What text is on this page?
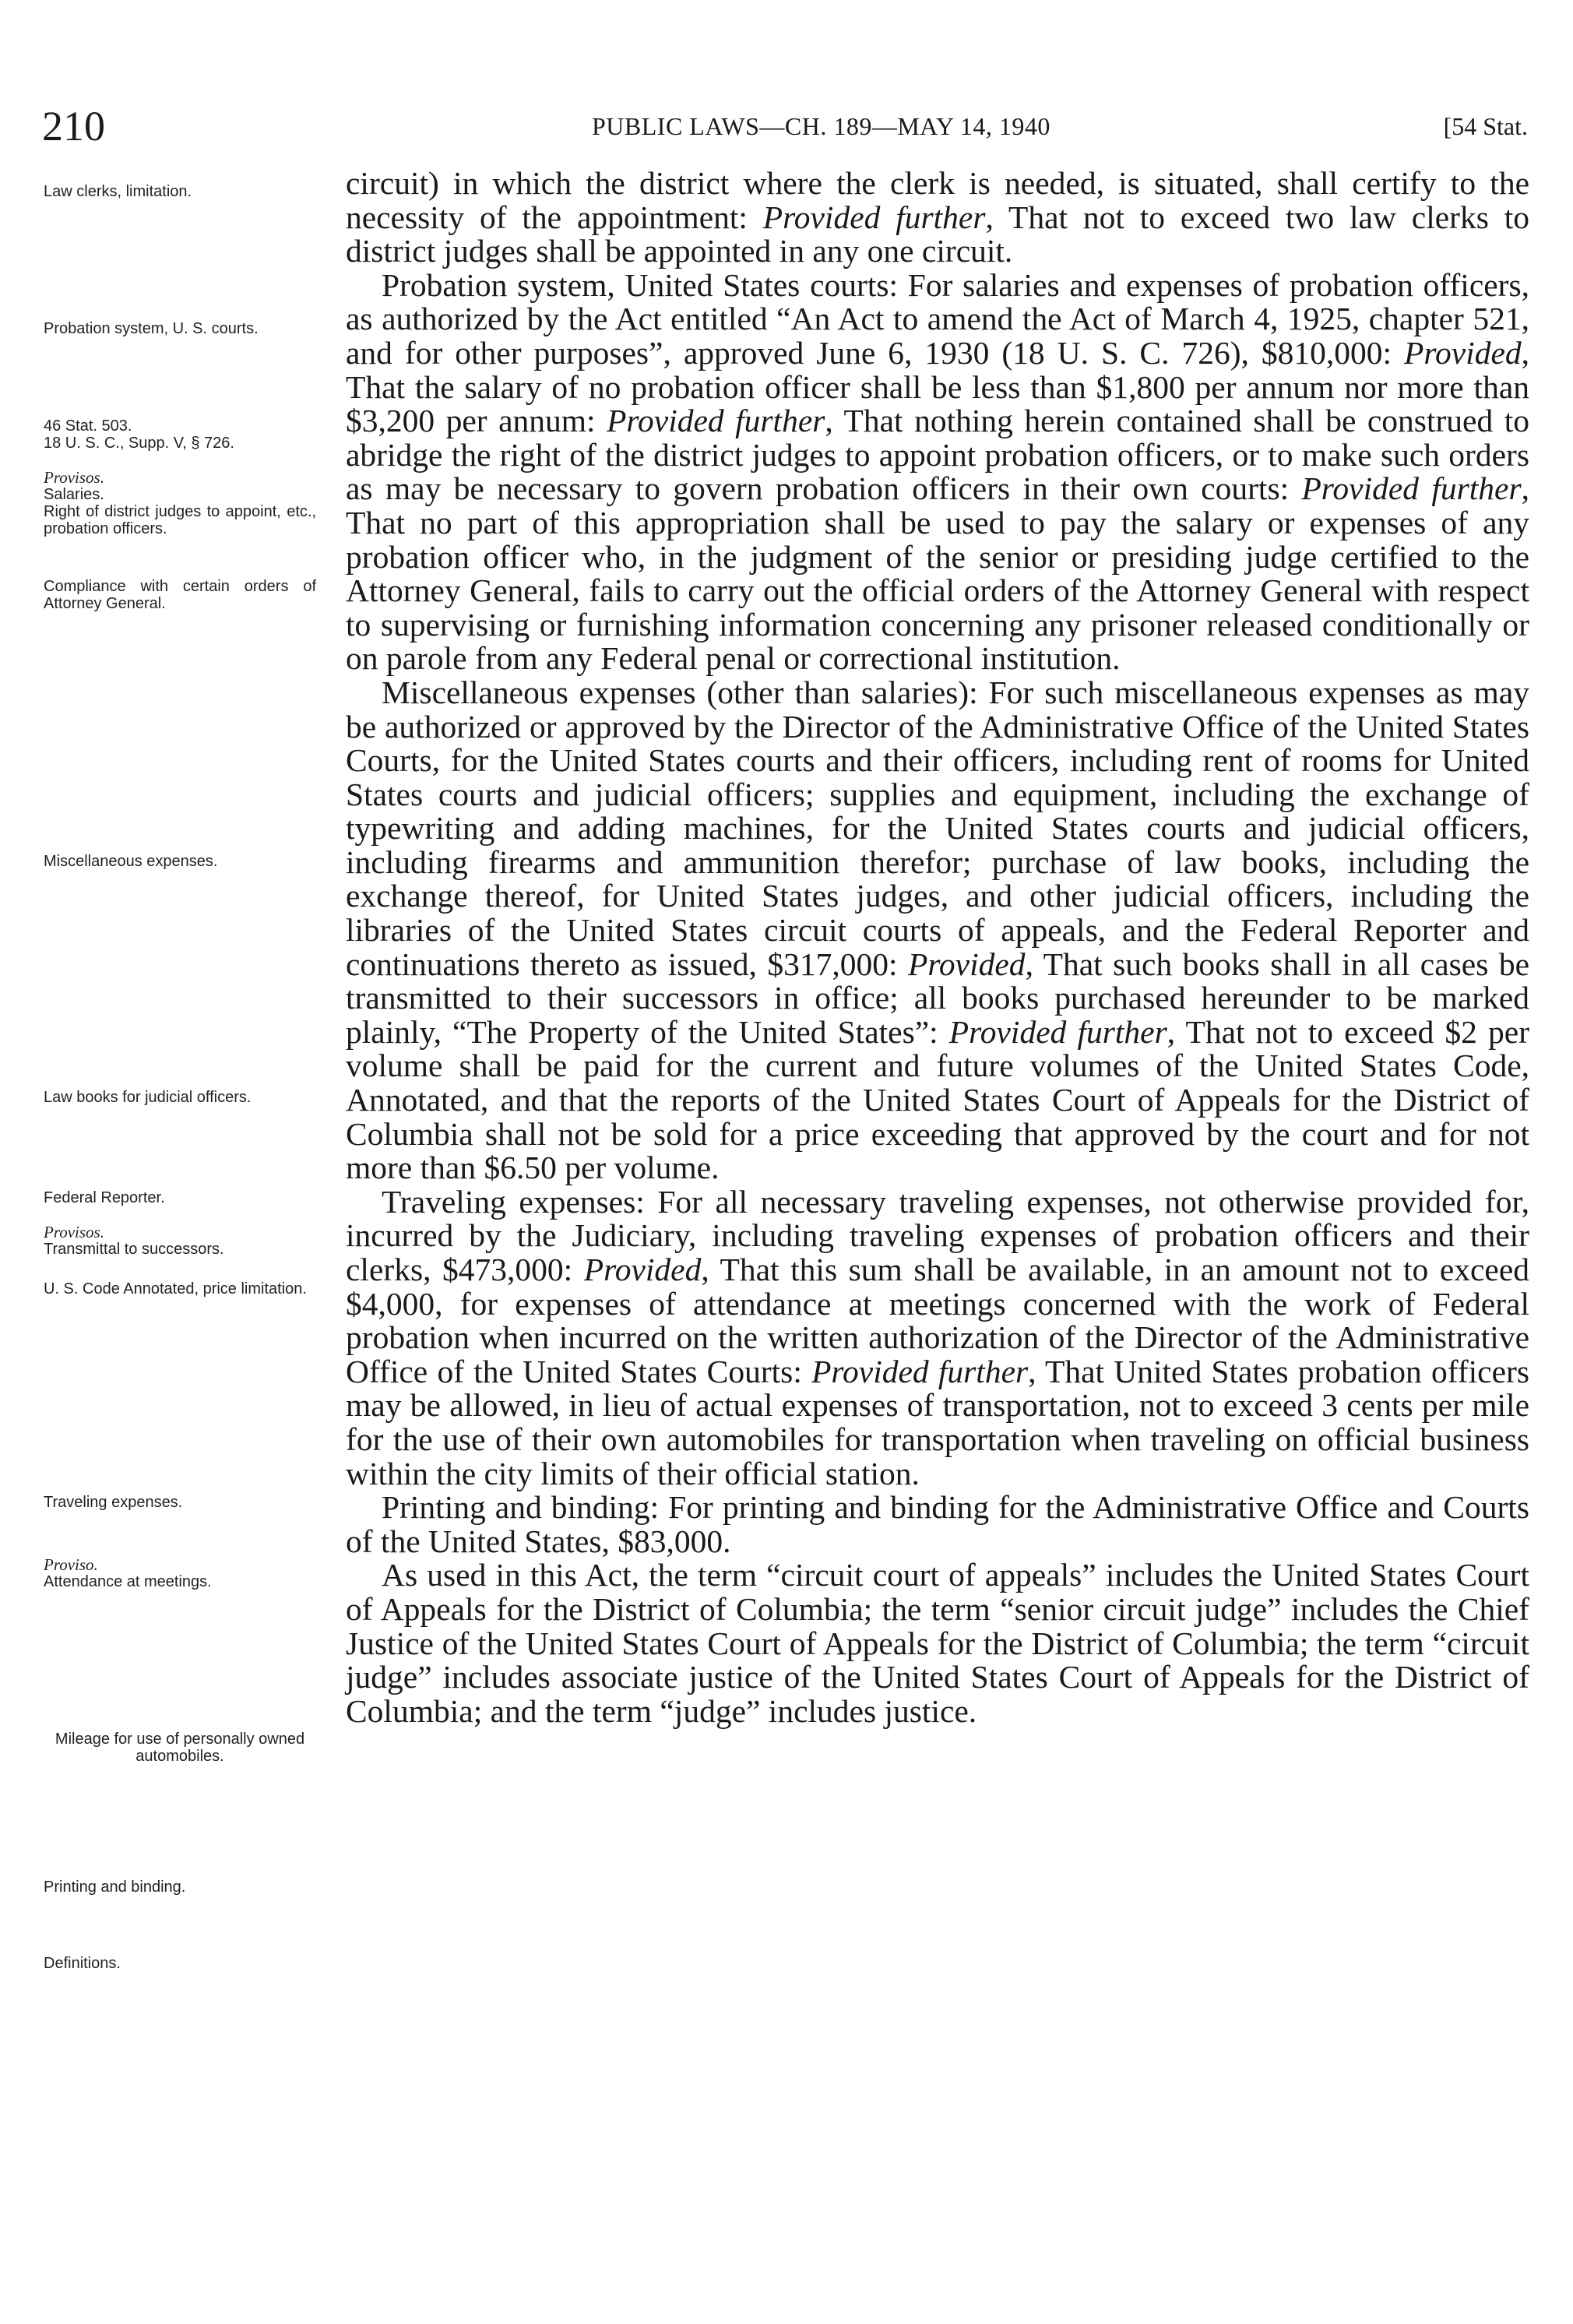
210	PUBLIC LAWS—CH. 189—MAY 14, 1940	[54 Stat.
Law clerks, limitation.
Probation system, U. S. courts.
46 Stat. 503.
18 U. S. C., Supp. V, § 726.
Provisos.
Salaries.
Right of district judges to appoint, etc., probation officers.
Compliance with certain orders of Attorney General.
Miscellaneous expenses.
Law books for judicial officers.
Federal Reporter.
Provisos.
Transmittal to successors.
U. S. Code Annotated, price limitation.
Traveling expenses.
Proviso.
Attendance at meetings.
Mileage for use of personally owned automobiles.
Printing and binding.
Definitions.

circuit) in which the district where the clerk is needed, is situated, shall certify to the necessity of the appointment: Provided further, That not to exceed two law clerks to district judges shall be appointed in any one circuit.

Probation system, United States courts: For salaries and expenses of probation officers, as authorized by the Act entitled “An Act to amend the Act of March 4, 1925, chapter 521, and for other purposes”, approved June 6, 1930 (18 U. S. C. 726), $810,000: Provided, That the salary of no probation officer shall be less than $1,800 per annum nor more than $3,200 per annum: Provided further, That nothing herein contained shall be construed to abridge the right of the district judges to appoint probation officers, or to make such orders as may be necessary to govern probation officers in their own courts: Provided further, That no part of this appropriation shall be used to pay the salary or expenses of any probation officer who, in the judgment of the senior or presiding judge certified to the Attorney General, fails to carry out the official orders of the Attorney General with respect to supervising or furnishing information concerning any prisoner released conditionally or on parole from any Federal penal or correctional institution.

Miscellaneous expenses (other than salaries): For such miscellaneous expenses as may be authorized or approved by the Director of the Administrative Office of the United States Courts, for the United States courts and their officers, including rent of rooms for United States courts and judicial officers; supplies and equipment, including the exchange of typewriting and adding machines, for the United States courts and judicial officers, including firearms and ammunition therefor; purchase of law books, including the exchange thereof, for United States judges, and other judicial officers, including the libraries of the United States circuit courts of appeals, and the Federal Reporter and continuations thereto as issued, $317,000: Provided, That such books shall in all cases be transmitted to their successors in office; all books purchased hereunder to be marked plainly, “The Property of the United States”: Provided further, That not to exceed $2 per volume shall be paid for the current and future volumes of the United States Code, Annotated, and that the reports of the United States Court of Appeals for the District of Columbia shall not be sold for a price exceeding that approved by the court and for not more than $6.50 per volume.

Traveling expenses: For all necessary traveling expenses, not otherwise provided for, incurred by the Judiciary, including traveling expenses of probation officers and their clerks, $473,000: Provided, That this sum shall be available, in an amount not to exceed $4,000, for expenses of attendance at meetings concerned with the work of Federal probation when incurred on the written authorization of the Director of the Administrative Office of the United States Courts: Provided further, That United States probation officers may be allowed, in lieu of actual expenses of transportation, not to exceed 3 cents per mile for the use of their own automobiles for transportation when traveling on official business within the city limits of their official station.

Printing and binding: For printing and binding for the Administrative Office and Courts of the United States, $83,000.

As used in this Act, the term “circuit court of appeals” includes the United States Court of Appeals for the District of Columbia; the term “senior circuit judge” includes the Chief Justice of the United States Court of Appeals for the District of Columbia; the term “circuit judge” includes associate justice of the United States Court of Appeals for the District of Columbia; and the term “judge” includes justice.
